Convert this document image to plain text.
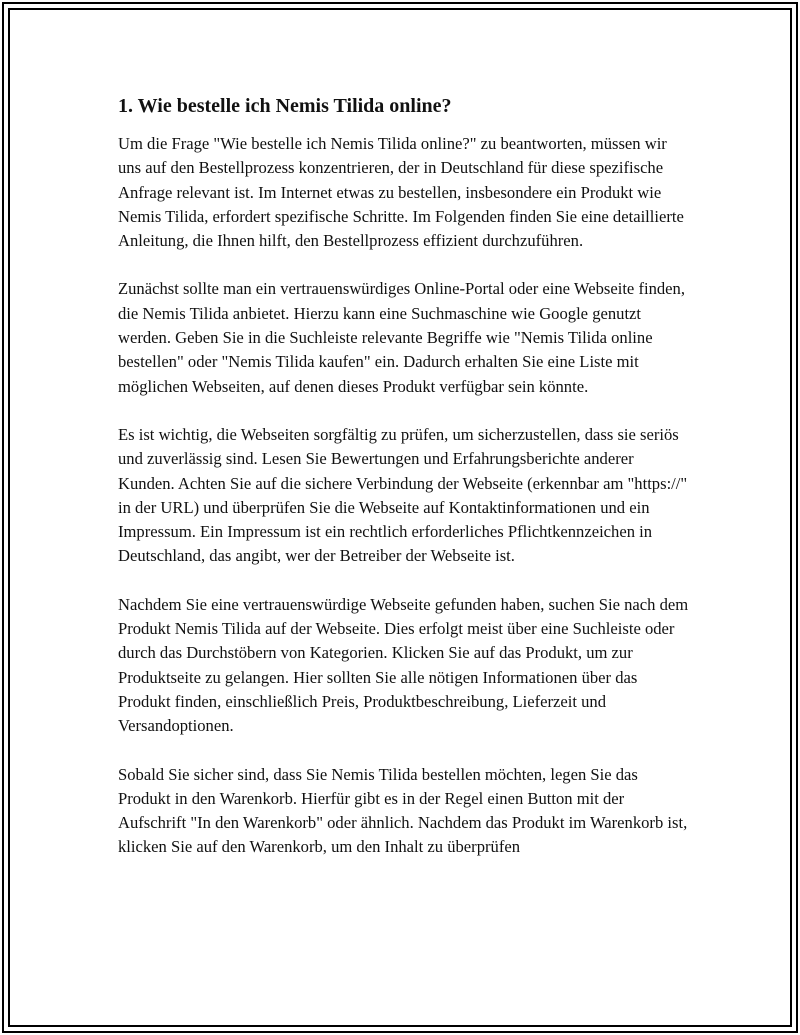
1. Wie bestelle ich Nemis Tilida online?

Um die Frage "Wie bestelle ich Nemis Tilida online?" zu beantworten, müssen wir uns auf den Bestellprozess konzentrieren, der in Deutschland für diese spezifische Anfrage relevant ist. Im Internet etwas zu bestellen, insbesondere ein Produkt wie Nemis Tilida, erfordert spezifische Schritte. Im Folgenden finden Sie eine detaillierte Anleitung, die Ihnen hilft, den Bestellprozess effizient durchzuführen.

Zunächst sollte man ein vertrauenswürdiges Online-Portal oder eine Webseite finden, die Nemis Tilida anbietet. Hierzu kann eine Suchmaschine wie Google genutzt werden. Geben Sie in die Suchleiste relevante Begriffe wie "Nemis Tilida online bestellen" oder "Nemis Tilida kaufen" ein. Dadurch erhalten Sie eine Liste mit möglichen Webseiten, auf denen dieses Produkt verfügbar sein könnte.

Es ist wichtig, die Webseiten sorgfältig zu prüfen, um sicherzustellen, dass sie seriös und zuverlässig sind. Lesen Sie Bewertungen und Erfahrungsberichte anderer Kunden. Achten Sie auf die sichere Verbindung der Webseite (erkennbar am "https://" in der URL) und überprüfen Sie die Webseite auf Kontaktinformationen und ein Impressum. Ein Impressum ist ein rechtlich erforderliches Pflichtkennzeichen in Deutschland, das angibt, wer der Betreiber der Webseite ist.

Nachdem Sie eine vertrauenswürdige Webseite gefunden haben, suchen Sie nach dem Produkt Nemis Tilida auf der Webseite. Dies erfolgt meist über eine Suchleiste oder durch das Durchstöbern von Kategorien. Klicken Sie auf das Produkt, um zur Produktseite zu gelangen. Hier sollten Sie alle nötigen Informationen über das Produkt finden, einschließlich Preis, Produktbeschreibung, Lieferzeit und Versandoptionen.

Sobald Sie sicher sind, dass Sie Nemis Tilida bestellen möchten, legen Sie das Produkt in den Warenkorb. Hierfür gibt es in der Regel einen Button mit der Aufschrift "In den Warenkorb" oder ähnlich. Nachdem das Produkt im Warenkorb ist, klicken Sie auf den Warenkorb, um den Inhalt zu überprüfen
